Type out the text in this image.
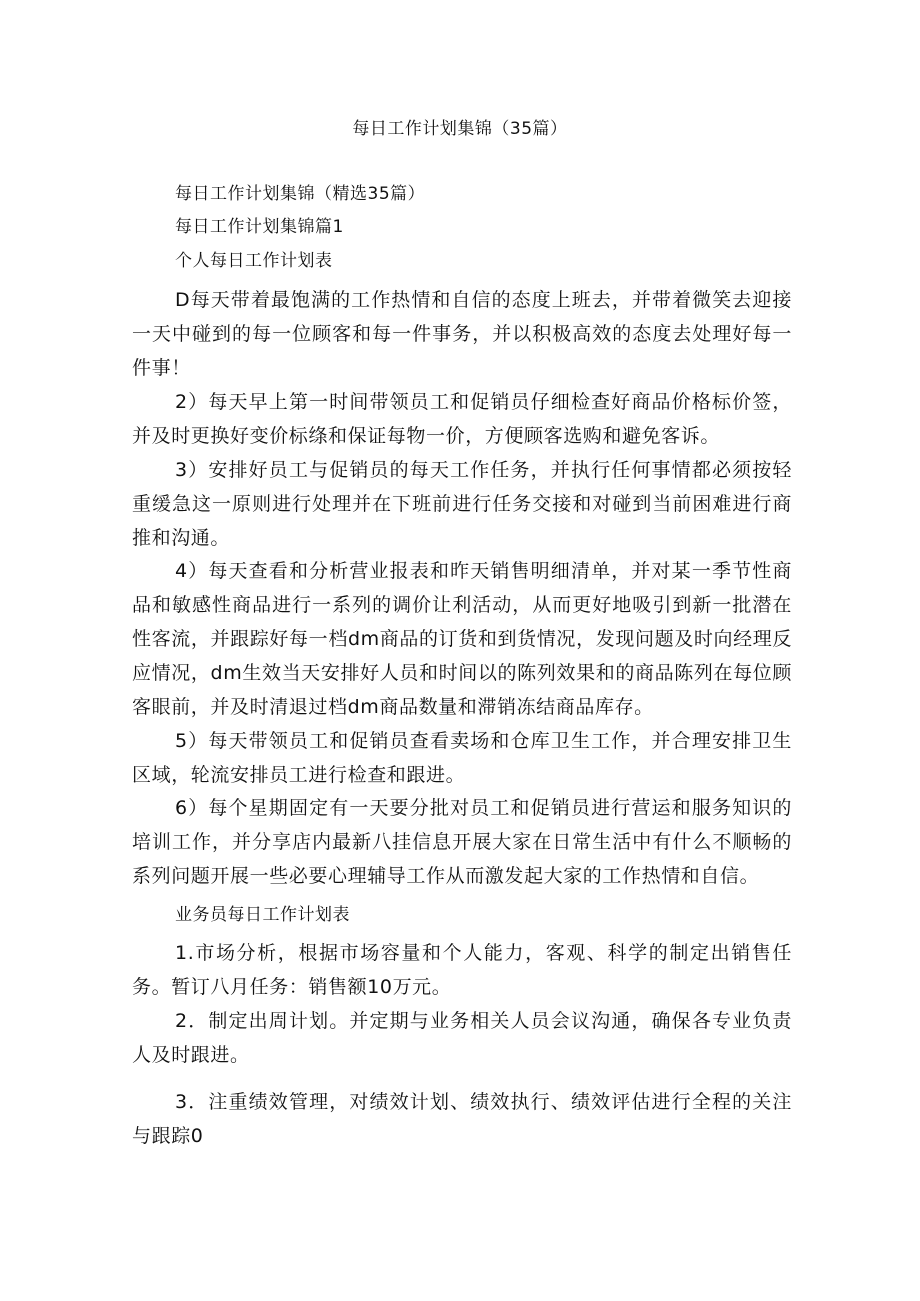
每日工作计划集锦（35篇）
每日工作计划集锦（精选35篇）
每日工作计划集锦篇1
个人每日工作计划表

D每天带着最饱满的工作热情和自信的态度上班去，并带着微笑去迎接一天中碰到的每一位顾客和每一件事务，并以积极高效的态度去处理好每一件事！

2）每天早上第一时间带领员工和促销员仔细检查好商品价格标价签，并及时更换好变价标绦和保证每物一价，方便顾客选购和避免客诉。

3）安排好员工与促销员的每天工作任务，并执行任何事情都必须按轻重缓急这一原则进行处理并在下班前进行任务交接和对碰到当前困难进行商推和沟通。

4）每天查看和分析营业报表和昨天销售明细清单，并对某一季节性商品和敏感性商品进行一系列的调价让利活动，从而更好地吸引到新一批潜在性客流，并跟踪好每一档dm商品的订货和到货情况，发现问题及时向经理反应情况，dm生效当天安排好人员和时间以的陈列效果和的商品陈列在每位顾客眼前，并及时清退过档dm商品数量和滞销冻结商品库存。

5）每天带领员工和促销员查看卖场和仓库卫生工作，并合理安排卫生区域，轮流安排员工进行检查和跟进。

6）每个星期固定有一天要分批对员工和促销员进行营运和服务知识的培训工作，并分享店内最新八挂信息开展大家在日常生活中有什么不顺畅的系列问题开展一些必要心理辅导工作从而激发起大家的工作热情和自信。

业务员每日工作计划表

1.市场分析，根据市场容量和个人能力，客观、科学的制定出销售任务。暂订八月任务：销售额10万元。

2．制定出周计划。并定期与业务相关人员会议沟通，确保各专业负责人及时跟进。

3．注重绩效管理，对绩效计划、绩效执行、绩效评估进行全程的关注与跟踪0
